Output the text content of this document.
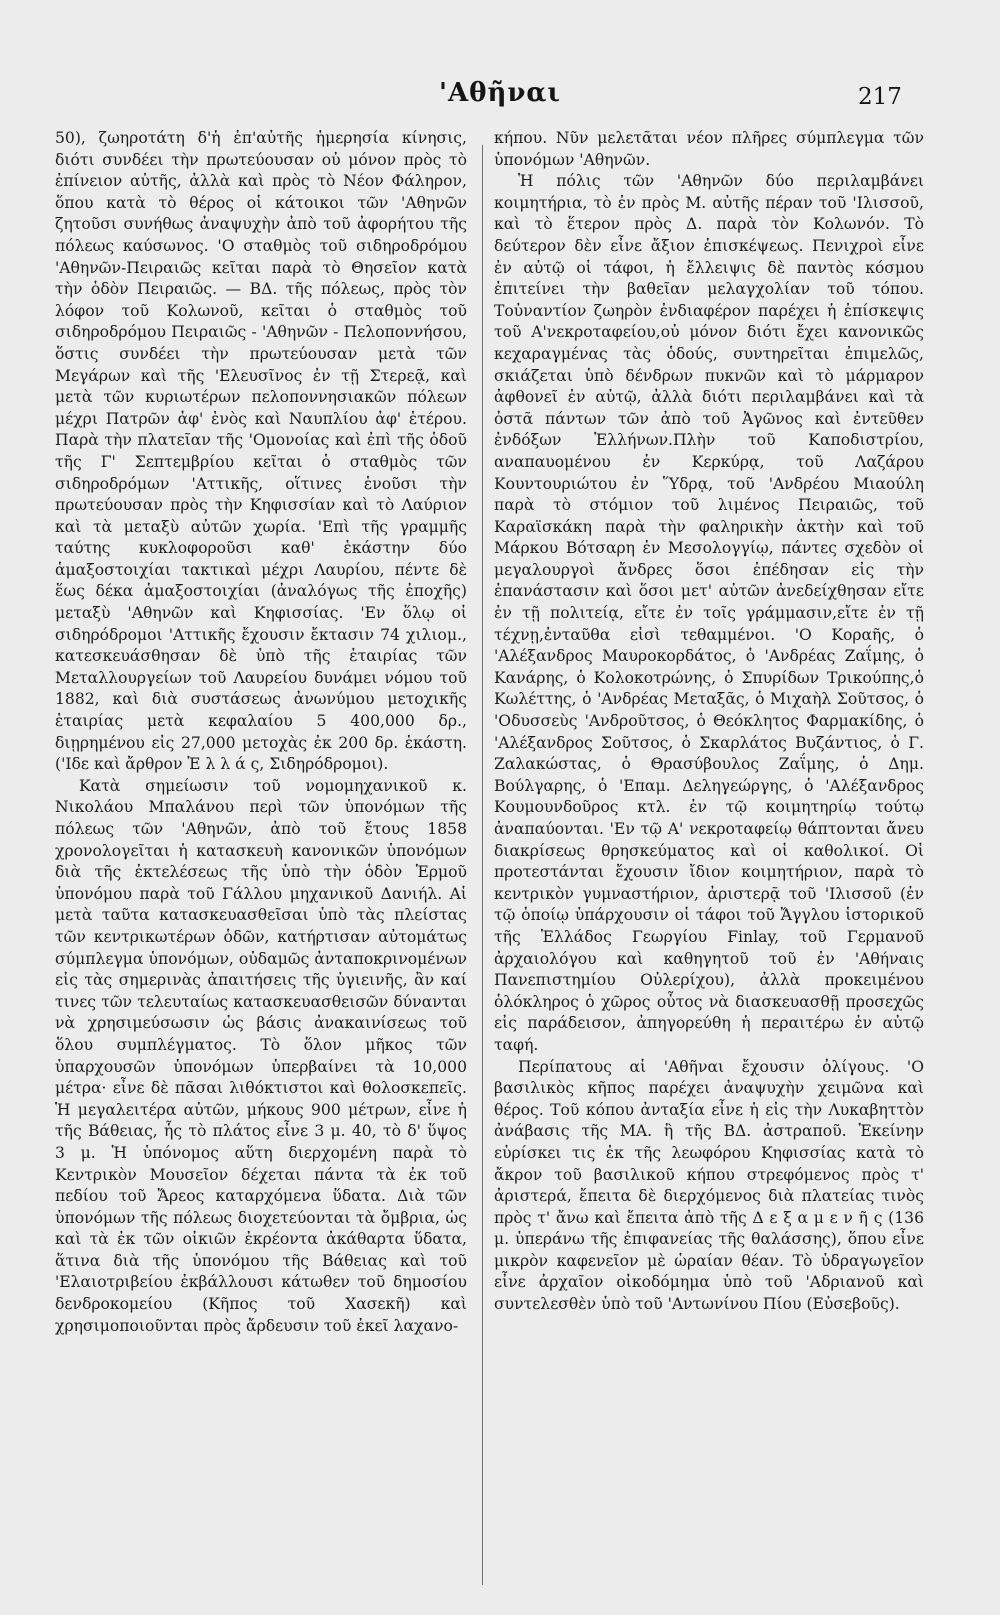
'Αθῆναι	217

50), ζωηροτάτη δ'ἡ ἐπ'αὐτῆς ἡμερησία κίνησις, διότι συνδέει τὴν πρωτεύουσαν οὐ μόνον πρὸς τὸ ἐπίνειον αὐτῆς, ἀλλὰ καὶ πρὸς τὸ Νέον Φάληρον, ὅπου κατὰ τὸ θέρος οἱ κάτοικοι τῶν 'Αθηνῶν ζητοῦσι συνήθως ἀναψυχὴν ἀπὸ τοῦ ἀφορήτου τῆς πόλεως καύσωνος. 'Ο σταθμὸς τοῦ σιδηροδρόμου 'Αθηνῶν-Πειραιῶς κεῖται παρὰ τὸ Θησεῖον κατὰ τὴν ὁδὸν Πειραιῶς. — ΒΔ. τῆς πόλεως, πρὸς τὸν λόφον τοῦ Κολωνοῦ, κεῖται ὁ σταθμὸς τοῦ σιδηροδρόμου Πειραιῶς - 'Αθηνῶν - Πελοποννήσου, ὅστις συνδέει τὴν πρωτεύουσαν μετὰ τῶν Μεγάρων καὶ τῆς 'Ελευσῖνος ἐν τῇ Στερεᾷ, καὶ μετὰ τῶν κυριωτέρων πελοποννησιακῶν πόλεων μέχρι Πατρῶν ἀφ' ἑνὸς καὶ Ναυπλίου ἀφ' ἑτέρου. Παρὰ τὴν πλατεῖαν τῆς 'Ομονοίας καὶ ἐπὶ τῆς ὁδοῦ τῆς Γ' Σεπτεμβρίου κεῖται ὁ σταθμὸς τῶν σιδηροδρόμων 'Αττικῆς, οἵτινες ἑνοῦσι τὴν πρωτεύουσαν πρὸς τὴν Κηφισσίαν καὶ τὸ Λαύριον καὶ τὰ μεταξὺ αὐτῶν χωρία. 'Επὶ τῆς γραμμῆς ταύτης κυκλοφοροῦσι καθ' ἑκάστην δύο ἁμαξοστοιχίαι τακτικαὶ μέχρι Λαυρίου, πέντε δὲ ἕως δέκα ἁμαξοστοιχίαι (ἀναλόγως τῆς ἐποχῆς) μεταξὺ 'Αθηνῶν καὶ Κηφισσίας. 'Εν ὅλῳ οἱ σιδηρόδρομοι 'Αττικῆς ἔχουσιν ἔκτασιν 74 χιλιομ., κατεσκευάσθησαν δὲ ὑπὸ τῆς ἑταιρίας τῶν Μεταλλουργείων τοῦ Λαυρείου δυνάμει νόμου τοῦ 1882, καὶ διὰ συστάσεως ἀνωνύμου μετοχικῆς ἑταιρίας μετὰ κεφαλαίου 5 400,000 δρ., διῃρημένου εἰς 27,000 μετοχὰς ἐκ 200 δρ. ἑκάστη. ('Ιδε καὶ ἄρθρον Ἑ λ λ ά ς, Σιδηρόδρομοι).

Κατὰ σημείωσιν τοῦ νομομηχανικοῦ κ. Νικολάου Μπαλάνου περὶ τῶν ὑπονόμων τῆς πόλεως τῶν 'Αθηνῶν, ἀπὸ τοῦ ἔτους 1858 χρονολογεῖται ἡ κατασκευὴ κανονικῶν ὑπονόμων διὰ τῆς ἐκτελέσεως τῆς ὑπὸ τὴν ὁδὸν Ἑρμοῦ ὑπονόμου παρὰ τοῦ Γάλλου μηχανικοῦ Δανιήλ. Αἱ μετὰ ταῦτα κατασκευασθεῖσαι ὑπὸ τὰς πλείστας τῶν κεντρικωτέρων ὁδῶν, κατήρτισαν αὐτομάτως σύμπλεγμα ὑπονόμων, οὐδαμῶς ἀνταποκρινομένων εἰς τὰς σημερινὰς ἀπαιτήσεις τῆς ὑγιεινῆς, ἂν καί τινες τῶν τελευταίως κατασκευασθεισῶν δύνανται νὰ χρησιμεύσωσιν ὡς βάσις ἀνακαινίσεως τοῦ ὅλου συμπλέγματος. Τὸ ὅλον μῆκος τῶν ὑπαρχουσῶν ὑπονόμων ὑπερβαίνει τὰ 10,000 μέτρα· εἶνε δὲ πᾶσαι λιθόκτιστοι καὶ θολοσκεπεῖς. Ἡ μεγαλειτέρα αὐτῶν, μήκους 900 μέτρων, εἶνε ἡ τῆς Βάθειας, ἧς τὸ πλάτος εἶνε 3 μ. 40, τὸ δ' ὕψος 3 μ. Ἡ ὑπόνομος αὕτη διερχομένη παρὰ τὸ Κεντρικὸν Μουσεῖον δέχεται πάντα τὰ ἐκ τοῦ πεδίου τοῦ Ἄρεος καταρχόμενα ὕδατα. Διὰ τῶν ὑπονόμων τῆς πόλεως διοχετεύονται τὰ ὄμβρια, ὡς καὶ τὰ ἐκ τῶν οἰκιῶν ἐκρέοντα ἀκάθαρτα ὕδατα, ἅτινα διὰ τῆς ὑπονόμου τῆς Βάθειας καὶ τοῦ 'Ελαιοτριβείου ἐκβάλλουσι κάτωθεν τοῦ δημοσίου δενδροκομείου (Κῆπος τοῦ Χασεκῆ) καὶ χρησιμοποιοῦνται πρὸς ἄρδευσιν τοῦ ἐκεῖ λαχανο-

κήπου. Νῦν μελετᾶται νέον πλῆρες σύμπλεγμα τῶν ὑπονόμων 'Αθηνῶν.

Ἡ πόλις τῶν 'Αθηνῶν δύο περιλαμβάνει κοιμητήρια, τὸ ἐν πρὸς Μ. αὐτῆς πέραν τοῦ 'Ιλισσοῦ, καὶ τὸ ἕτερον πρὸς Δ. παρὰ τὸν Κολωνόν. Τὸ δεύτερον δὲν εἶνε ἄξιον ἐπισκέψεως. Πενιχροὶ εἶνε ἐν αὐτῷ οἱ τάφοι, ἡ ἔλλειψις δὲ παντὸς κόσμου ἐπιτείνει τὴν βαθεῖαν μελαγχολίαν τοῦ τόπου. Τοὐναντίον ζωηρὸν ἐνδιαφέρον παρέχει ἡ ἐπίσκεψις τοῦ Α'νεκροταφείου,οὐ μόνον διότι ἔχει κανονικῶς κεχαραγμένας τὰς ὁδούς, συντηρεῖται ἐπιμελῶς, σκιάζεται ὑπὸ δένδρων πυκνῶν καὶ τὸ μάρμαρον ἀφθονεῖ ἐν αὐτῷ, ἀλλὰ διότι περιλαμβάνει καὶ τὰ ὀστᾶ πάντων τῶν ἀπὸ τοῦ Ἀγῶνος καὶ ἐντεῦθεν ἐνδόξων Ἑλλήνων.Πλὴν τοῦ Καποδιστρίου, αναπαυομένου ἐν Κερκύρᾳ, τοῦ Λαζάρου Κουντουριώτου ἐν Ὕδρᾳ, τοῦ 'Ανδρέου Μιαούλη παρὰ τὸ στόμιον τοῦ λιμένος Πειραιῶς, τοῦ Καραϊσκάκη παρὰ τὴν φαληρικὴν ἀκτὴν καὶ τοῦ Μάρκου Βότσαρη ἐν Μεσολογγίῳ, πάντες σχεδὸν οἱ μεγαλουργοὶ ἄνδρες ὅσοι ἐπέδησαν εἰς τὴν ἐπανάστασιν καὶ ὅσοι μετ' αὐτῶν ἀνεδείχθησαν εἴτε ἐν τῇ πολιτείᾳ, εἴτε ἐν τοῖς γράμμασιν,εἴτε ἐν τῇ τέχνῃ,ἐνταῦθα εἰσὶ τεθαμμένοι. 'Ο Κοραῆς, ὁ 'Αλέξανδρος Μαυροκορδάτος, ὁ 'Ανδρέας Ζαΐμης, ὁ Κανάρης, ὁ Κολοκοτρώνης, ὁ Σπυρίδων Τρικούπης,ὁ Κωλέττης, ὁ 'Ανδρέας Μεταξᾶς, ὁ Μιχαὴλ Σοῦτσος, ὁ 'Οδυσσεὺς 'Ανδροῦτσος, ὁ Θεόκλητος Φαρμακίδης, ὁ 'Αλέξανδρος Σοῦτσος, ὁ Σκαρλάτος Βυζάντιος, ὁ Γ. Ζαλακώστας, ὁ Θρασύβουλος Ζαΐμης, ὁ Δημ. Βούλγαρης, ὁ 'Επαμ. Δεληγεώργης, ὁ 'Αλέξανδρος Κουμουνδοῦρος κτλ. ἐν τῷ κοιμητηρίῳ τούτῳ ἀναπαύονται. 'Εν τῷ Α' νεκροταφείῳ θάπτονται ἄνευ διακρίσεως θρησκεύματος καὶ οἱ καθολικοί. Οἱ προτεστάνται ἔχουσιν ἴδιον κοιμητήριον, παρὰ τὸ κεντρικὸν γυμναστήριον, ἀριστερᾷ τοῦ 'Ιλισσοῦ (ἐν τῷ ὁποίῳ ὑπάρχουσιν οἱ τάφοι τοῦ Ἄγγλου ἱστορικοῦ τῆς Ἑλλάδος Γεωργίου Finlay, τοῦ Γερμανοῦ ἀρχαιολόγου καὶ καθηγητοῦ τοῦ ἐν 'Αθήναις Πανεπιστημίου Οὐλερίχου), ἀλλὰ προκειμένου ὁλόκληρος ὁ χῶρος οὗτος νὰ διασκευασθῇ προσεχῶς εἰς παράδεισον, ἀπηγορεύθη ἡ περαιτέρω ἐν αὐτῷ ταφή.

Περίπατους αἱ 'Αθῆναι ἔχουσιν ὀλίγους. 'Ο βασιλικὸς κῆπος παρέχει ἀναψυχὴν χειμῶνα καὶ θέρος. Τοῦ κόπου ἀνταξία εἶνε ἡ εἰς τὴν Λυκαβηττὸν ἀνάβασις τῆς ΜΑ. ἢ τῆς ΒΔ. ἀστραποῦ. Ἐκείνην εὑρίσκει τις ἐκ τῆς λεωφόρου Κηφισσίας κατὰ τὸ ἄκρον τοῦ βασιλικοῦ κήπου στρεφόμενος πρὸς τ' ἀριστερά, ἔπειτα δὲ διερχόμενος διὰ πλατείας τινὸς πρὸς τ' ἄνω καὶ ἔπειτα ἀπὸ τῆς Δ ε ξ α μ ε ν ῆ ς (136 μ. ὑπεράνω τῆς ἐπιφανείας τῆς θαλάσσης), ὅπου εἶνε μικρὸν καφενεῖον μὲ ὡραίαν θέαν. Τὸ ὑδραγωγεῖον εἶνε ἀρχαῖον οἰκοδόμημα ὑπὸ τοῦ 'Αδριανοῦ καὶ συντελεσθὲν ὑπὸ τοῦ 'Αντωνίνου Πίου (Εὐσεβοῦς).
